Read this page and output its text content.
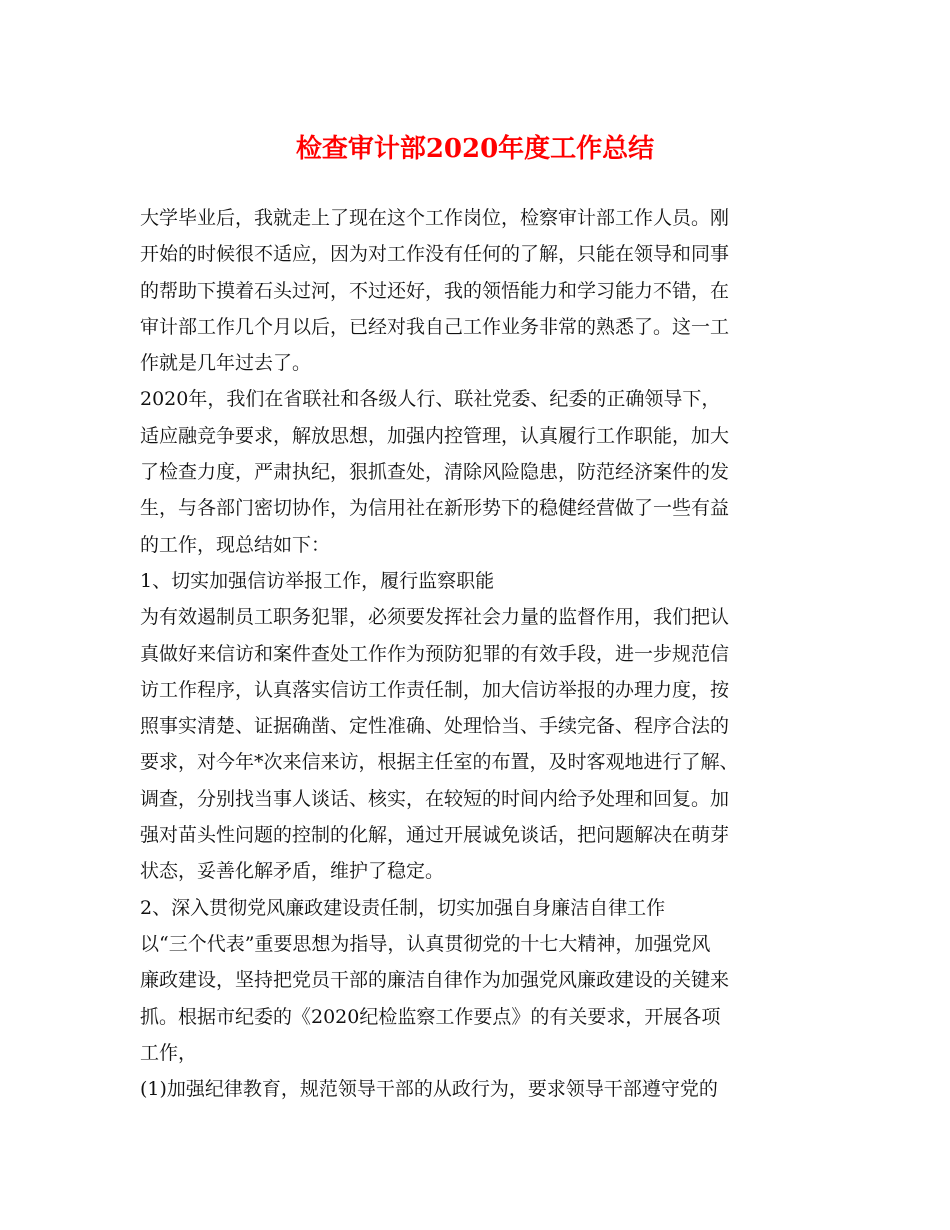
检查审计部2020年度工作总结
大学毕业后，我就走上了现在这个工作岗位，检察审计部工作人员。刚
开始的时候很不适应，因为对工作没有任何的了解，只能在领导和同事
的帮助下摸着石头过河，不过还好，我的领悟能力和学习能力不错，在
审计部工作几个月以后，已经对我自己工作业务非常的熟悉了。这一工
作就是几年过去了。
2020年，我们在省联社和各级人行、联社党委、纪委的正确领导下，
适应融竞争要求，解放思想，加强内控管理，认真履行工作职能，加大
了检查力度，严肃执纪，狠抓查处，清除风险隐患，防范经济案件的发
生，与各部门密切协作，为信用社在新形势下的稳健经营做了一些有益
的工作，现总结如下：
1、切实加强信访举报工作，履行监察职能
为有效遏制员工职务犯罪，必须要发挥社会力量的监督作用，我们把认
真做好来信访和案件查处工作作为预防犯罪的有效手段，进一步规范信
访工作程序，认真落实信访工作责任制，加大信访举报的办理力度，按
照事实清楚、证据确凿、定性准确、处理恰当、手续完备、程序合法的
要求，对今年*次来信来访，根据主任室的布置，及时客观地进行了解、
调查，分别找当事人谈话、核实，在较短的时间内给予处理和回复。加
强对苗头性问题的控制的化解，通过开展诚免谈话，把问题解决在萌芽
状态，妥善化解矛盾，维护了稳定。
2、深入贯彻党风廉政建设责任制，切实加强自身廉洁自律工作
以“三个代表”重要思想为指导，认真贯彻党的十七大精神，加强党风
廉政建设，坚持把党员干部的廉洁自律作为加强党风廉政建设的关键来
抓。根据市纪委的《2020纪检监察工作要点》的有关要求，开展各项
工作，
(1)加强纪律教育，规范领导干部的从政行为，要求领导干部遵守党的
